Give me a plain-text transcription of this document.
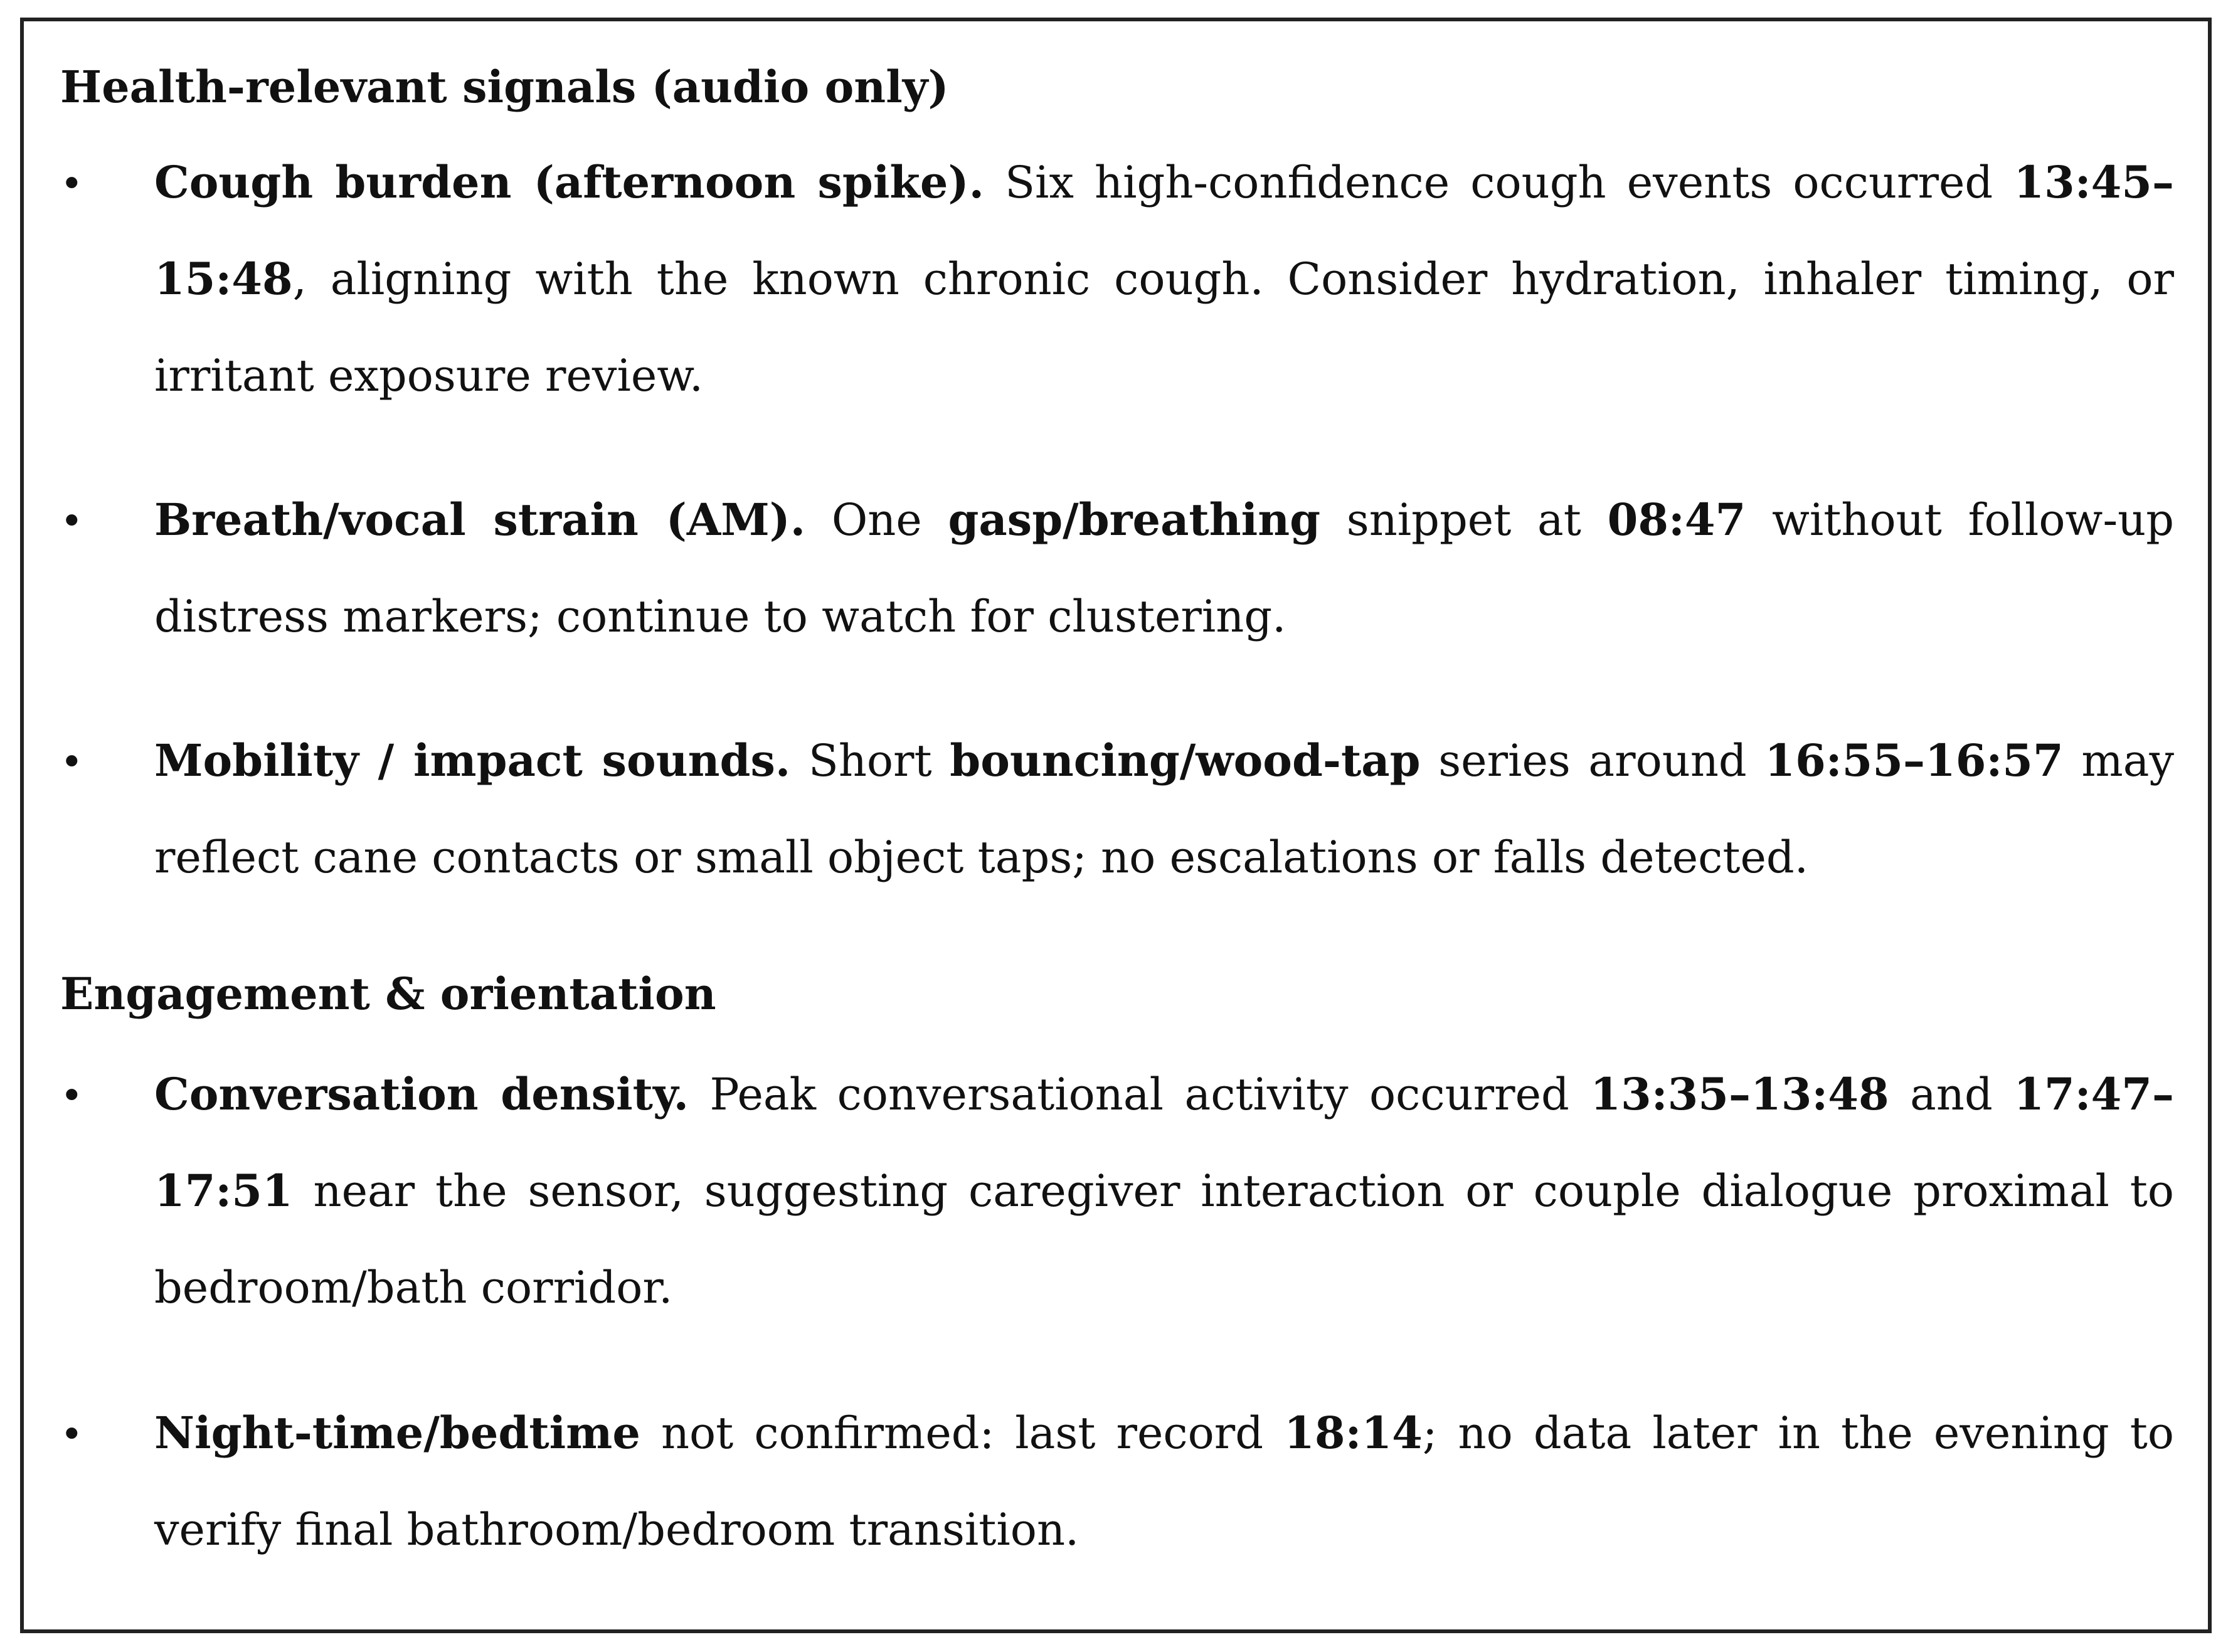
Health-relevant signals (audio only)
• Cough burden (afternoon spike). Six high-confidence cough events occurred 13:45–15:48, aligning with the known chronic cough. Consider hydration, inhaler timing, or irritant exposure review.
• Breath/vocal strain (AM). One gasp/breathing snippet at 08:47 without follow-up distress markers; continue to watch for clustering.
• Mobility / impact sounds. Short bouncing/wood-tap series around 16:55–16:57 may reflect cane contacts or small object taps; no escalations or falls detected.
Engagement & orientation
• Conversation density. Peak conversational activity occurred 13:35–13:48 and 17:47–17:51 near the sensor, suggesting caregiver interaction or couple dialogue proximal to bedroom/bath corridor.
• Night-time/bedtime not confirmed: last record 18:14; no data later in the evening to verify final bathroom/bedroom transition.
